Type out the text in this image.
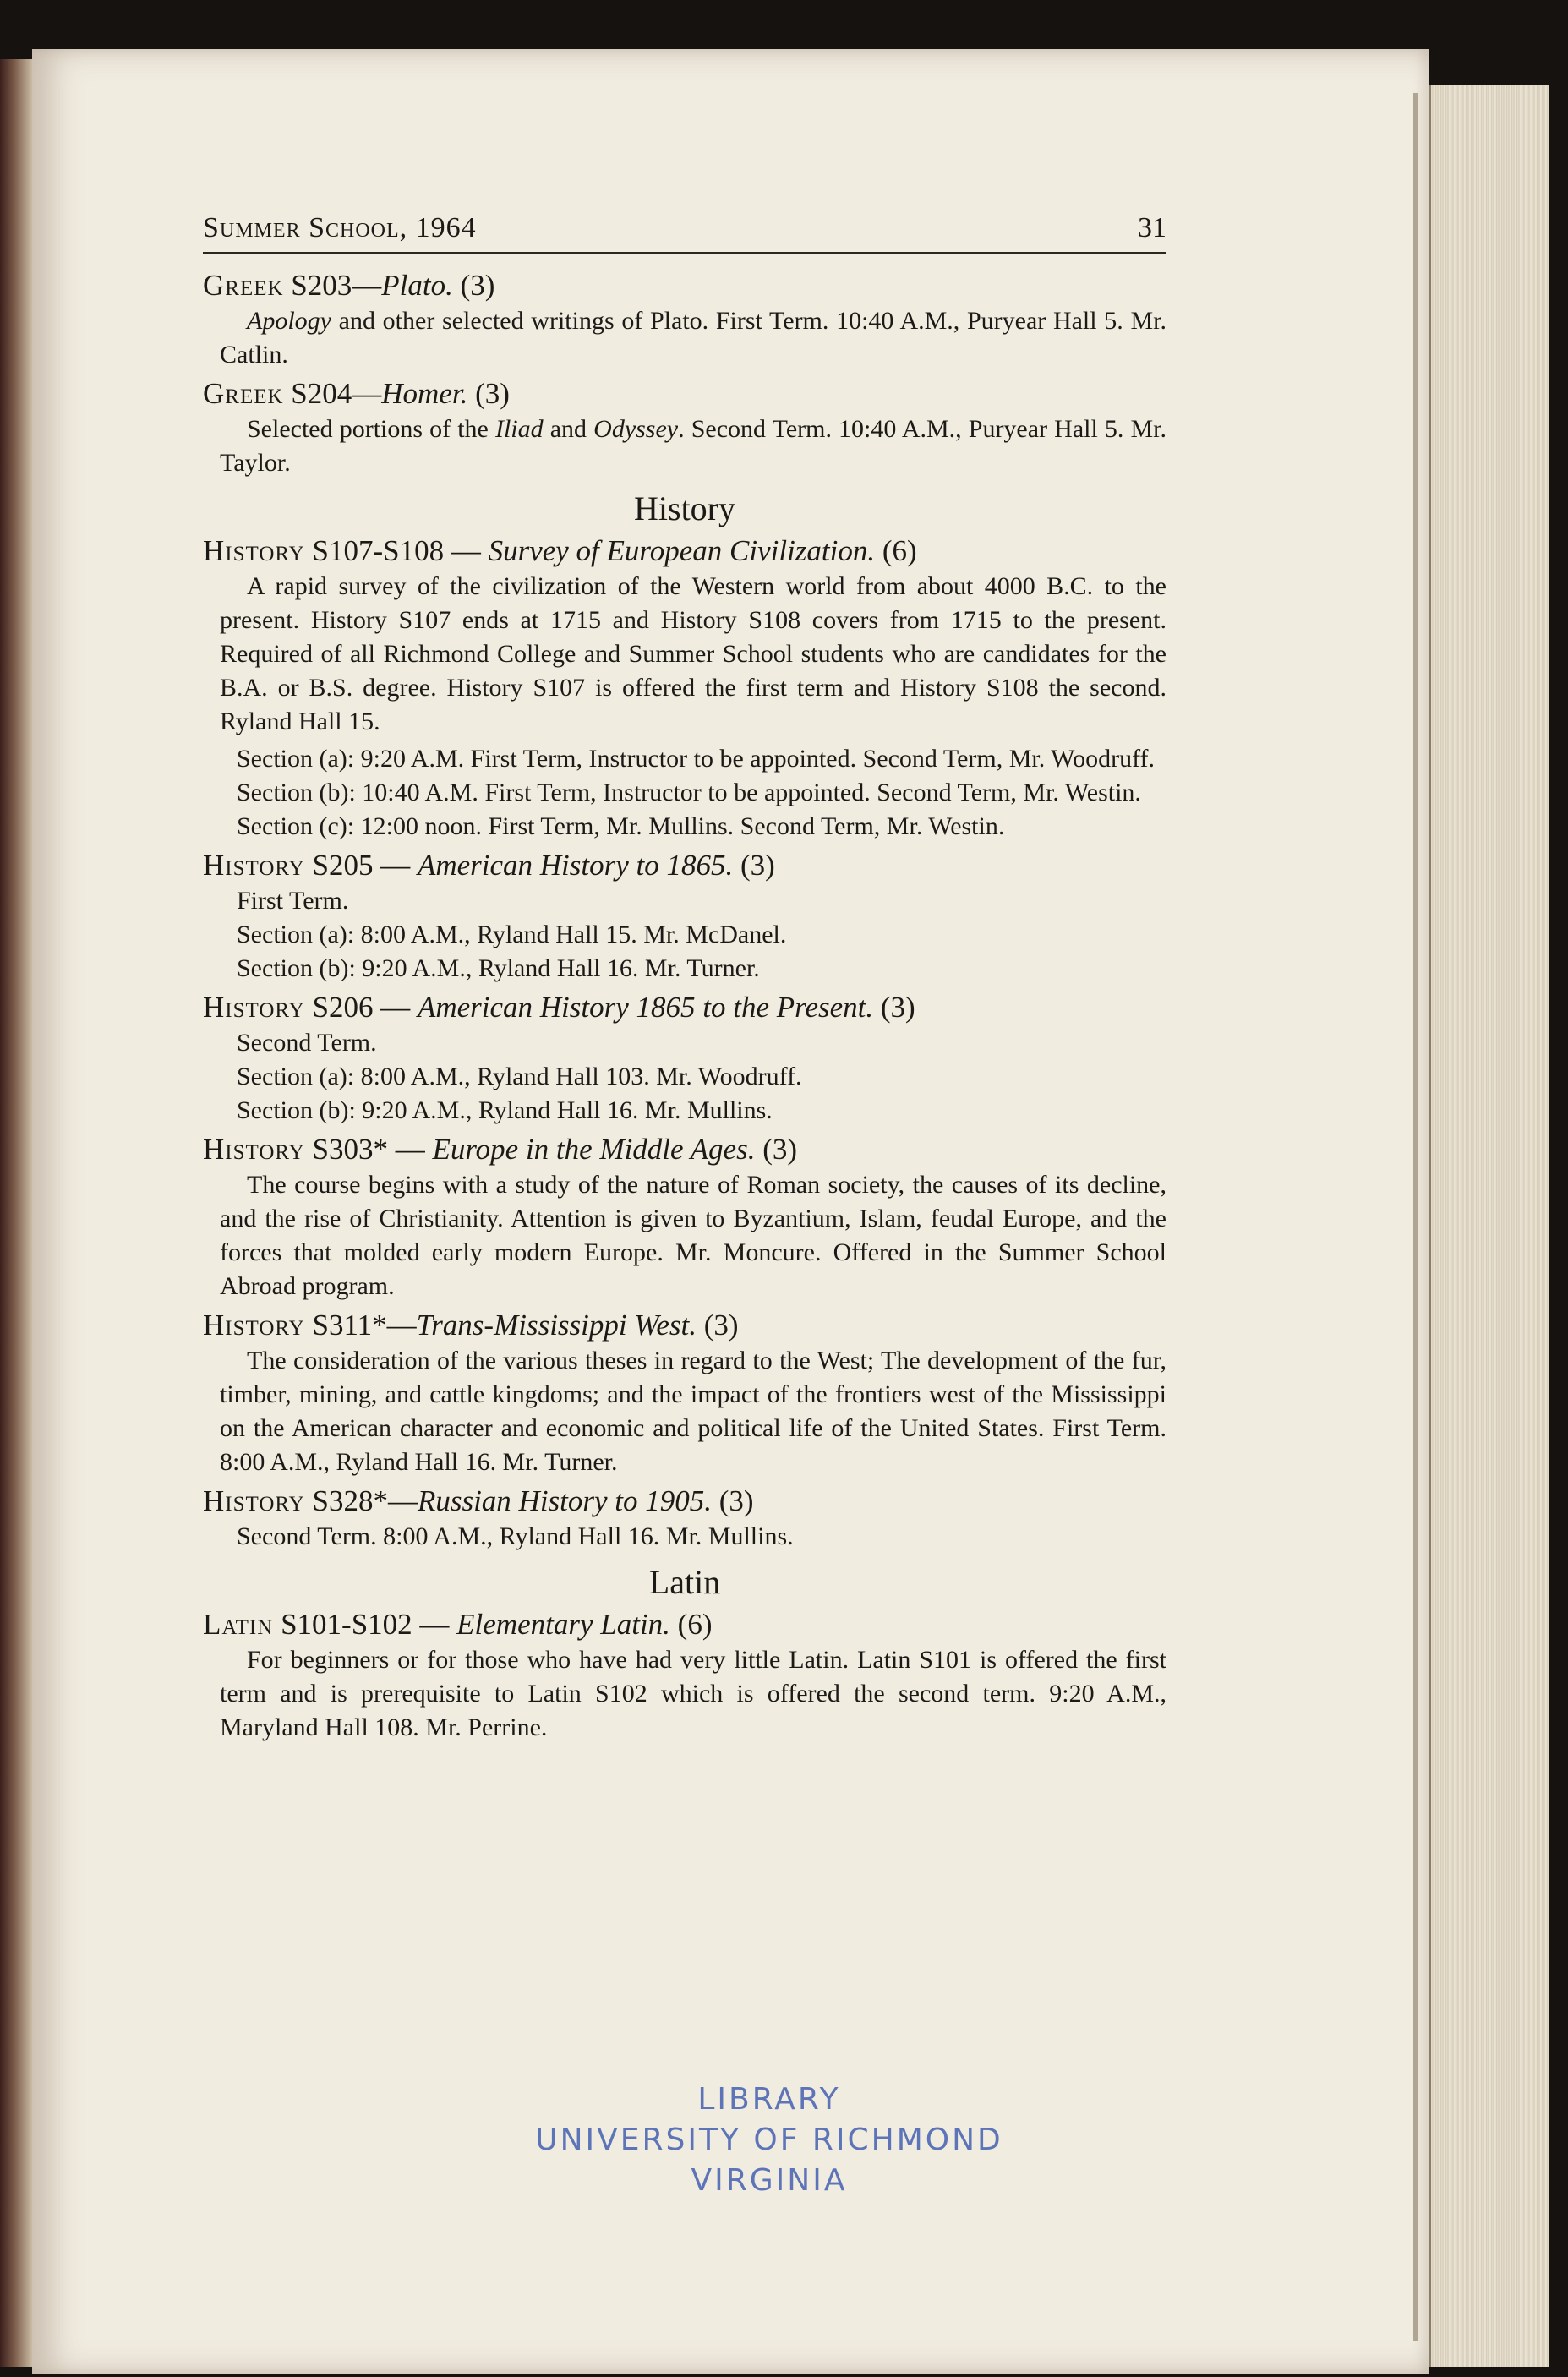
Summer School, 1964	31
Greek S203—Plato. (3)

Apology and other selected writings of Plato. First Term. 10:40 A.M., Puryear Hall 5. Mr. Catlin.

Greek S204—Homer. (3)

Selected portions of the Iliad and Odyssey. Second Term. 10:40 A.M., Puryear Hall 5. Mr. Taylor.

History
History S107-S108 — Survey of European Civilization. (6)

A rapid survey of the civilization of the Western world from about 4000 B.C. to the present. History S107 ends at 1715 and History S108 covers from 1715 to the present. Required of all Richmond College and Summer School students who are candidates for the B.A. or B.S. degree. History S107 is offered the first term and History S108 the second. Ryland Hall 15.

Section (a): 9:20 A.M. First Term, Instructor to be appointed. Second Term, Mr. Woodruff.

Section (b): 10:40 A.M. First Term, Instructor to be appointed. Second Term, Mr. Westin.

Section (c): 12:00 noon. First Term, Mr. Mullins. Second Term, Mr. Westin.

History S205 — American History to 1865. (3)

First Term.

Section (a): 8:00 A.M., Ryland Hall 15. Mr. McDanel.

Section (b): 9:20 A.M., Ryland Hall 16. Mr. Turner.

History S206 — American History 1865 to the Present. (3)

Second Term.

Section (a): 8:00 A.M., Ryland Hall 103. Mr. Woodruff.

Section (b): 9:20 A.M., Ryland Hall 16. Mr. Mullins.

History S303* — Europe in the Middle Ages. (3)

The course begins with a study of the nature of Roman society, the causes of its decline, and the rise of Christianity. Attention is given to Byzantium, Islam, feudal Europe, and the forces that molded early modern Europe. Mr. Moncure. Offered in the Summer School Abroad program.

History S311*—Trans-Mississippi West. (3)

The consideration of the various theses in regard to the West; The development of the fur, timber, mining, and cattle kingdoms; and the impact of the frontiers west of the Mississippi on the American character and economic and political life of the United States. First Term. 8:00 A.M., Ryland Hall 16. Mr. Turner.

History S328*—Russian History to 1905. (3)

Second Term. 8:00 A.M., Ryland Hall 16. Mr. Mullins.

Latin
Latin S101-S102 — Elementary Latin. (6)

For beginners or for those who have had very little Latin. Latin S101 is offered the first term and is prerequisite to Latin S102 which is offered the second term. 9:20 A.M., Maryland Hall 108. Mr. Perrine.

LIBRARY
UNIVERSITY OF RICHMOND
VIRGINIA
